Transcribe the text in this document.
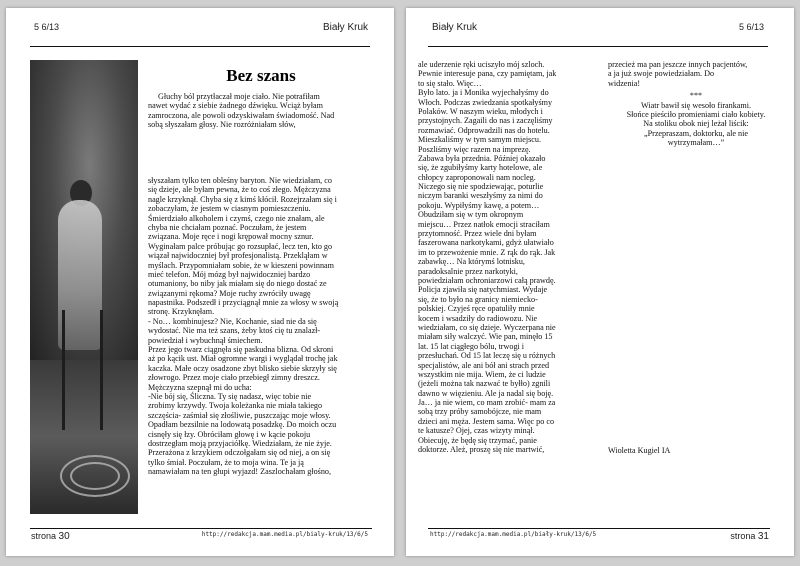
5 6/13	Biały Kruk
Bez szans
Głuchy ból przytłaczał moje ciało. Nie potrafiłam
nawet wydać z siebie żadnego dźwięku. Wciąż byłam
zamroczona, ale powoli odzyskiwałam świadomość. Nad
sobą słyszałam głosy. Nie rozróżniałam słów,
słyszałam tylko ten obleśny baryton. Nie wiedziałam, co
się dzieje, ale byłam pewna, że to coś złego. Mężczyzna
nagle krzyknął. Chyba się z kimś kłócił. Rozejrzałam się i
zobaczyłam, że jestem w ciasnym pomieszczeniu.
Śmierdziało alkoholem i czymś, czego nie znałam, ale
chyba nie chciałam poznać. Poczułam, że jestem
związana. Moje ręce i nogi krępował mocny sznur.
Wyginałam palce próbując go rozsupłać, lecz ten, kto go
wiązał najwidoczniej był profesjonalistą. Przekląłam w
myślach. Przypomniałam sobie, że w kieszeni powinnam
mieć telefon. Mój mózg był najwidoczniej bardzo
otumaniony, bo niby jak miałam się do niego dostać ze
związanymi rękoma? Moje ruchy zwróciły uwagę
napastnika. Podszedł i przyciągnął mnie za włosy w swoją
stronę. Krzyknęłam.
- No… kombinujesz? Nie, Kochanie, siad nie da się
wydostać. Nie ma też szans, żeby ktoś cię tu znalazł-
powiedział i wybuchnął śmiechem.
Przez jego twarz ciągnęła się paskudna blizna. Od skroni
aż po kącik ust. Miał ogromne wargi i wyglądał trochę jak
kaczka. Małe oczy osadzone zbyt blisko siebie skrzyły się
złowrogo. Przez moje ciało przebiegł zimny dreszcz.
Mężczyzna szepnął mi do ucha:
-Nie bój się, Śliczna. Ty się nadasz, więc tobie nie
zrobimy krzywdy. Twoja koleżanka nie miała takiego
szczęścia- zaśmiał się złośliwie, puszczając moje włosy.
Opadłam bezsilnie na lodowatą posadzkę. Do moich oczu
cisnęły się łzy. Obróciłam głowę i w kącie pokoju
dostrzegłam moją przyjaciółkę. Wiedziałam, że nie żyje.
Przerażona z krzykiem odczołgałam się od niej, a on się
tylko śmiał. Poczułam, że to moja wina. Te ja ją
namawiałam na ten głupi wyjazd! Zaszlochałam głośno,
strona 30	http://redakcja.mam.media.pl/bialy-kruk/13/6/5
Biały Kruk	5 6/13
ale uderzenie ręki uciszyło mój szloch.
Pewnie interesuje pana, czy pamiętam, jak
to się stało. Więc…
Było lato. ja i Monika wyjechałyśmy do
Włoch. Podczas zwiedzania spotkałyśmy
Polaków. W naszym wieku, młodych i
przystojnych. Zagaili do nas i zaczęliśmy
rozmawiać. Odprowadzili nas do hotelu.
Mieszkaliśmy w tym samym miejscu.
Poszliśmy więc razem na imprezę.
Zabawa była przednia. Później okazało
się, że zgubiłyśmy karty hotelowe, ale
chłopcy zaproponowali nam nocleg.
Niczego się nie spodziewając, poturlie
niczym baranki weszłyśmy za nimi do
pokoju. Wypiłyśmy kawę, a potem…
Obudziłam się w tym okropnym
miejscu… Przez natłok emocji straciłam
przytomność. Przez wiele dni byłam
faszerowana narkotykami, gdyż ułatwiało
im to przewożenie mnie. Z rąk do rąk. Jak
zabawkę… Na którymś lotnisku,
paradoksalnie przez narkotyki,
powiedziałam ochroniarzowi całą prawdę.
Policja zjawiła się natychmiast. Wydaje
się, że to było na granicy niemiecko-
polskiej. Czyjeś ręce opatuliły mnie
kocem i wsadziły do radiowozu. Nie
wiedziałam, co się dzieje. Wyczerpana nie
miałam siły walczyć. Wie pan, minęło 15
lat. 15 lat ciągłego bólu, trwogi i
przesłuchań. Od 15 lat leczę się u różnych
specjalistów, ale ani bół ani strach przed
wszystkim nie mija. Wiem, że ci ludzie
(jeżeli można tak nazwać te byłło) zgnili
dawno w więzieniu. Ale ja nadal się boję.
Ja… ja nie wiem, co mam zrobić- mam za
sobą trzy próby samobójcze, nie mam
dzieci ani męża. Jestem sama. Więc po co
te katusze? Ojej, czas wizyty minął.
Obiecuję, że będę się trzymać, panie
doktorze. Ależ, proszę się nie martwić,
przecież ma pan jeszcze innych pacjentów,
a ja już swoje powiedziałam. Do
widzenia!
***
Wiatr bawił się wesoło firankami.
Słońce pieściło promieniami ciało kobiety.
Na stoliku obok niej leżał liścik:
„Przepraszam, doktorku, ale nie
wytrzymałam…”
Wioletta Kugiel IA
http://redakcja.mam.media.pl/biały-kruk/13/6/5	strona 31
